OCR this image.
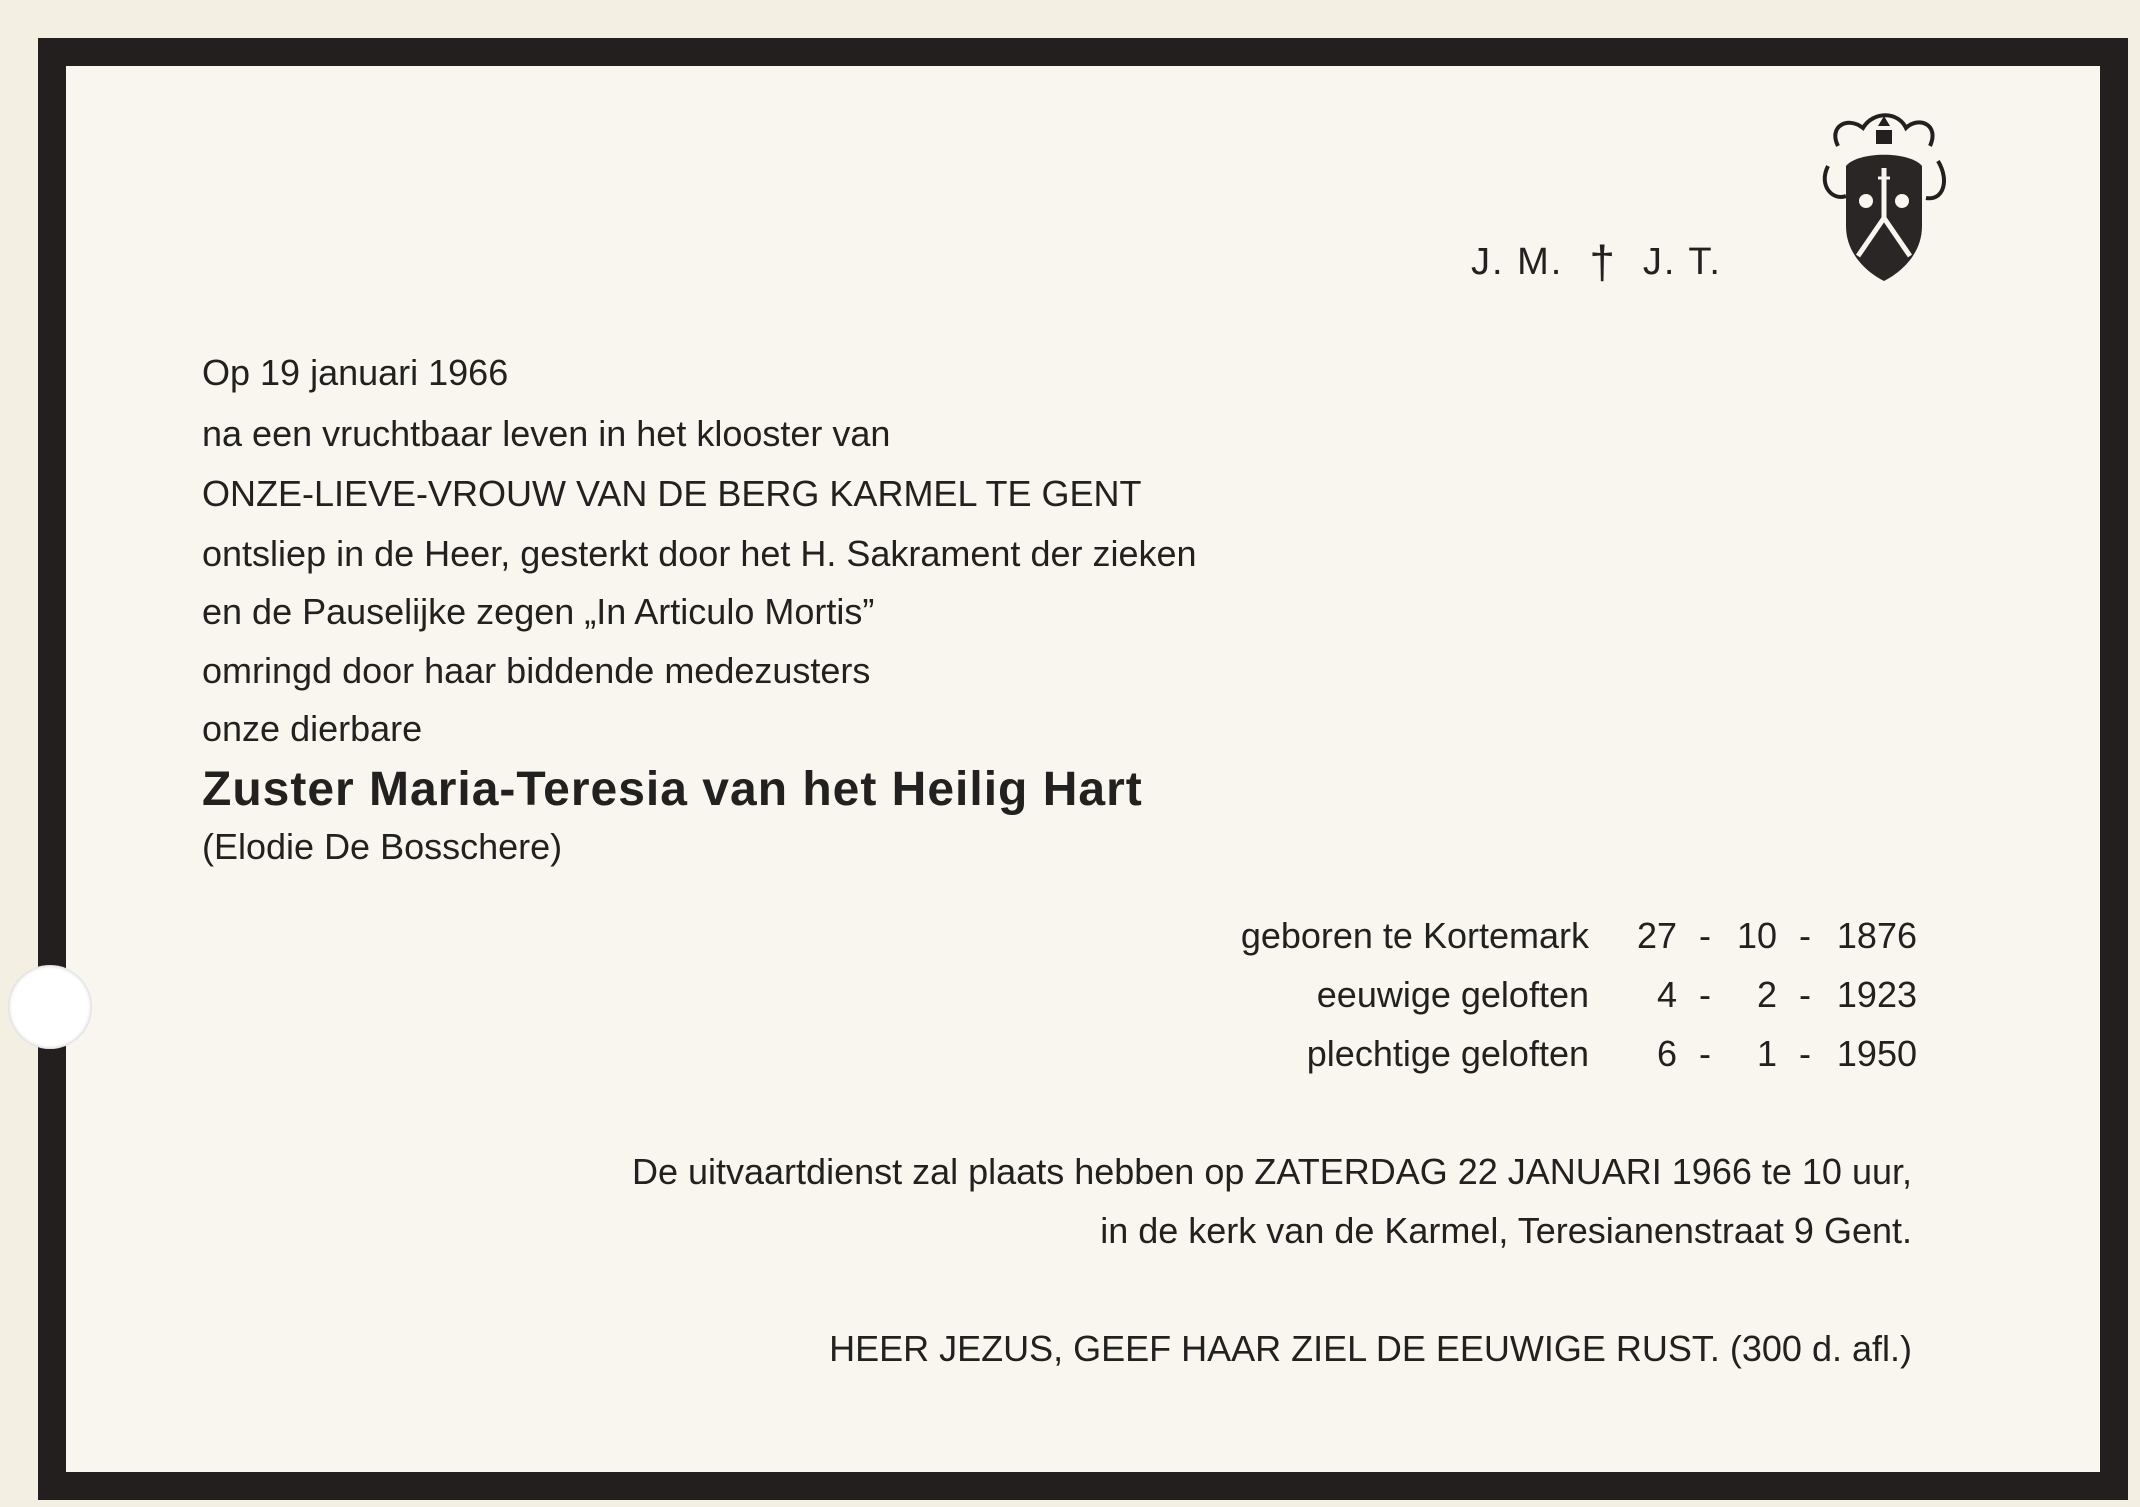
J. M. † J. T.
Op 19 januari 1966
na een vruchtbaar leven in het klooster van
ONZE-LIEVE-VROUW VAN DE BERG KARMEL TE GENT
ontsliep in de Heer, gesterkt door het H. Sakrament der zieken
en de Pauselijke zegen „In Articulo Mortis”
omringd door haar biddende medezusters
onze dierbare
Zuster Maria-Teresia van het Heilig Hart
(Elodie De Bosschere)
geboren te Kortemark	27 - 10 - 1876
eeuwige geloften	4 -	2 - 1923
plechtige geloften	6 -	1 - 1950
De uitvaartdienst zal plaats hebben op ZATERDAG 22 JANUARI 1966 te 10 uur,
in de kerk van de Karmel, Teresianenstraat 9 Gent.
HEER JEZUS, GEEF HAAR ZIEL DE EEUWIGE RUST. (300 d. afl.)
